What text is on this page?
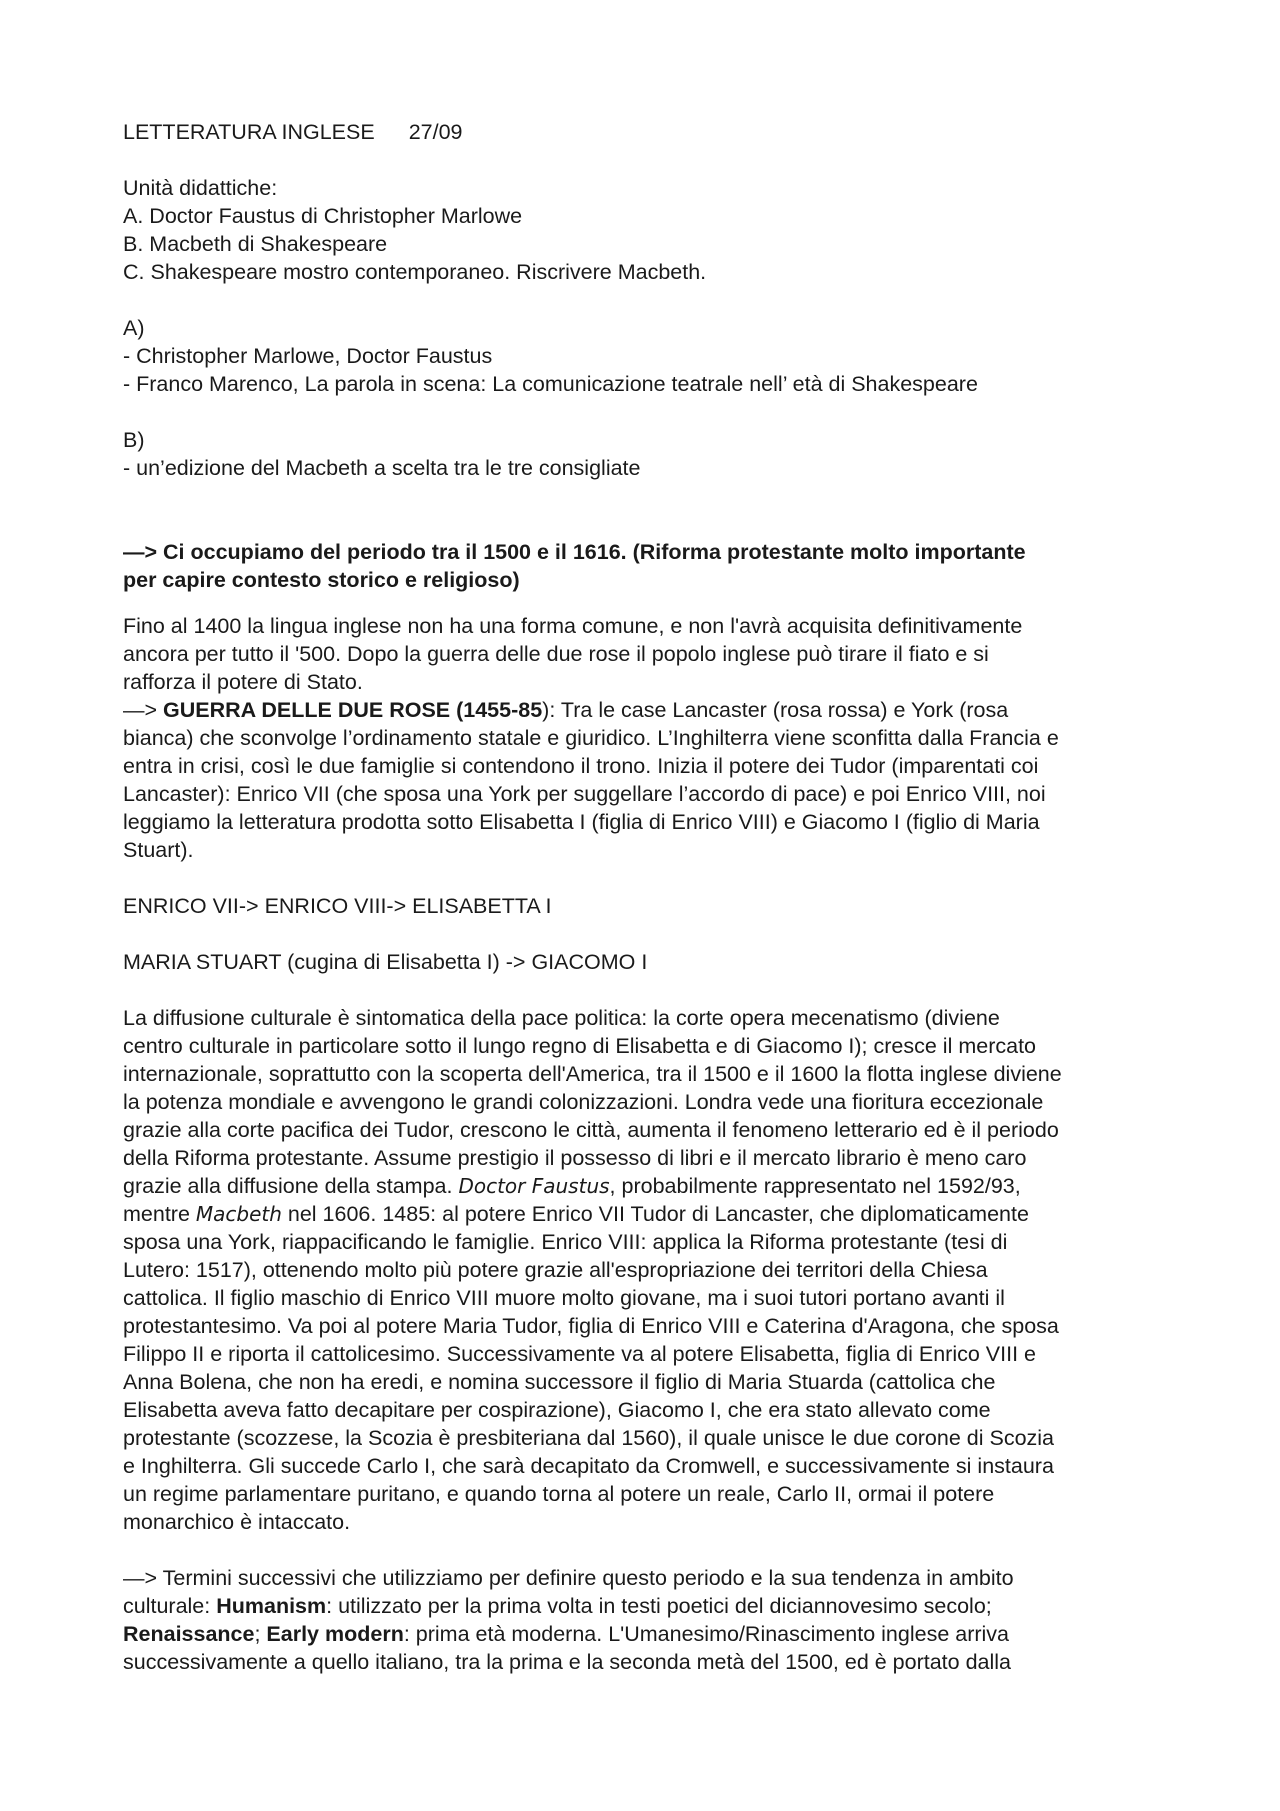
LETTERATURA INGLESE 27/09
Unità didattiche:
A. Doctor Faustus di Christopher Marlowe
B. Macbeth di Shakespeare
C. Shakespeare mostro contemporaneo. Riscrivere Macbeth.
A)
- Christopher Marlowe, Doctor Faustus
- Franco Marenco, La parola in scena: La comunicazione teatrale nell’ età di Shakespeare
B)
- un’edizione del Macbeth a scelta tra le tre consigliate
—> Ci occupiamo del periodo tra il 1500 e il 1616. (Riforma protestante molto importante
per capire contesto storico e religioso)
Fino al 1400 la lingua inglese non ha una forma comune, e non l'avrà acquisita definitivamente
ancora per tutto il '500. Dopo la guerra delle due rose il popolo inglese può tirare il fiato e si
rafforza il potere di Stato.
—> GUERRA DELLE DUE ROSE (1455-85): Tra le case Lancaster (rosa rossa) e York (rosa
bianca) che sconvolge l’ordinamento statale e giuridico. L’Inghilterra viene sconfitta dalla Francia e
entra in crisi, così le due famiglie si contendono il trono. Inizia il potere dei Tudor (imparentati coi
Lancaster): Enrico VII (che sposa una York per suggellare l’accordo di pace) e poi Enrico VIII, noi
leggiamo la letteratura prodotta sotto Elisabetta I (figlia di Enrico VIII) e Giacomo I (figlio di Maria
Stuart).
ENRICO VII-> ENRICO VIII-> ELISABETTA I
MARIA STUART (cugina di Elisabetta I) -> GIACOMO I
La diffusione culturale è sintomatica della pace politica: la corte opera mecenatismo (diviene
centro culturale in particolare sotto il lungo regno di Elisabetta e di Giacomo I); cresce il mercato
internazionale, soprattutto con la scoperta dell'America, tra il 1500 e il 1600 la flotta inglese diviene
la potenza mondiale e avvengono le grandi colonizzazioni. Londra vede una fioritura eccezionale
grazie alla corte pacifica dei Tudor, crescono le città, aumenta il fenomeno letterario ed è il periodo
della Riforma protestante. Assume prestigio il possesso di libri e il mercato librario è meno caro
grazie alla diffusione della stampa. Doctor Faustus, probabilmente rappresentato nel 1592/93,
mentre Macbeth nel 1606. 1485: al potere Enrico VII Tudor di Lancaster, che diplomaticamente
sposa una York, riappacificando le famiglie. Enrico VIII: applica la Riforma protestante (tesi di
Lutero: 1517), ottenendo molto più potere grazie all'espropriazione dei territori della Chiesa
cattolica. Il figlio maschio di Enrico VIII muore molto giovane, ma i suoi tutori portano avanti il
protestantesimo. Va poi al potere Maria Tudor, figlia di Enrico VIII e Caterina d'Aragona, che sposa
Filippo II e riporta il cattolicesimo. Successivamente va al potere Elisabetta, figlia di Enrico VIII e
Anna Bolena, che non ha eredi, e nomina successore il figlio di Maria Stuarda (cattolica che
Elisabetta aveva fatto decapitare per cospirazione), Giacomo I, che era stato allevato come
protestante (scozzese, la Scozia è presbiteriana dal 1560), il quale unisce le due corone di Scozia
e Inghilterra. Gli succede Carlo I, che sarà decapitato da Cromwell, e successivamente si instaura
un regime parlamentare puritano, e quando torna al potere un reale, Carlo II, ormai il potere
monarchico è intaccato.
—> Termini successivi che utilizziamo per definire questo periodo e la sua tendenza in ambito
culturale: Humanism: utilizzato per la prima volta in testi poetici del diciannovesimo secolo;
Renaissance; Early modern: prima età moderna. L'Umanesimo/Rinascimento inglese arriva
successivamente a quello italiano, tra la prima e la seconda metà del 1500, ed è portato dalla
